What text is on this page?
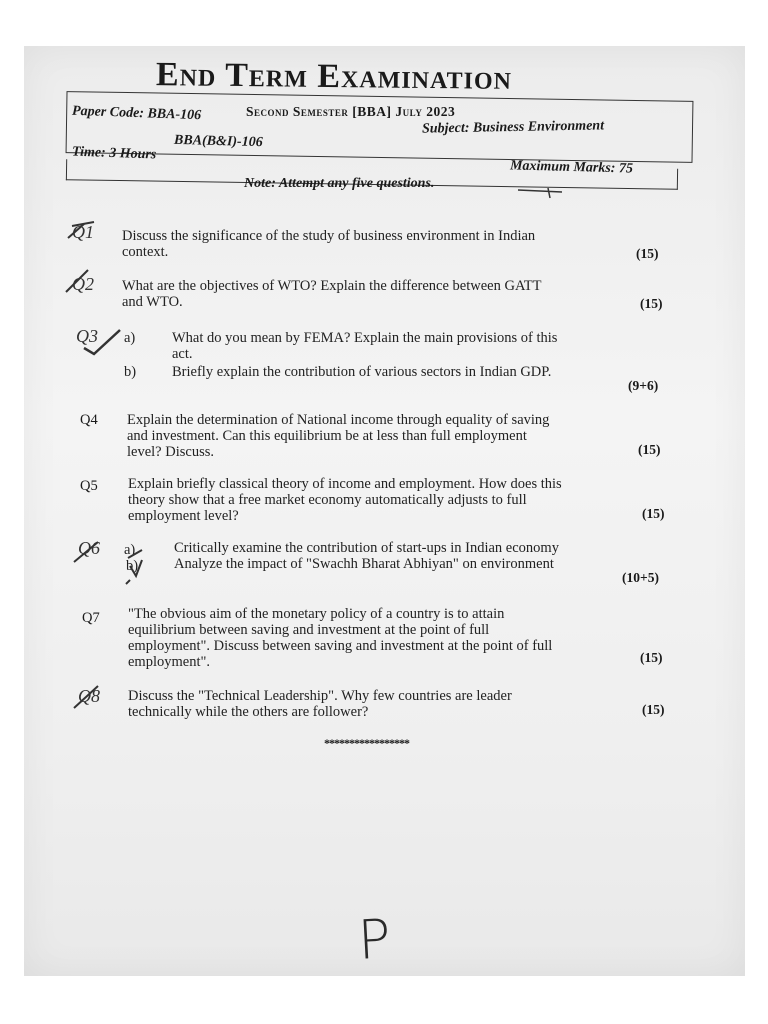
End Term Examination
Second Semester [BBA] July 2023
Paper Code: BBA-106
BBA(B&I)-106
Subject: Business Environment
Time: 3 Hours
Maximum Marks: 75
Note: Attempt any five questions.
Q1 Discuss the significance of the study of business environment in Indian
context.	(15)
Q2 What are the objectives of WTO? Explain the difference between GATT
and WTO.	(15)
Q3 a)	What do you mean by FEMA? Explain the main provisions of this
act.
b) Briefly explain the contribution of various sectors in Indian GDP.
(9+6)
Q4 Explain the determination of National income through equality of saving
and investment. Can this equilibrium be at less than full employment
level? Discuss.	(15)
Q5 Explain briefly classical theory of income and employment. How does this
theory show that a free market economy automatically adjusts to full
employment level?	(15)
Q6 a)	Critically examine the contribution of start-ups in Indian economy
b) Analyze the impact of "Swachh Bharat Abhiyan" on environment
(10+5)
Q7 "The obvious aim of the monetary policy of a country is to attain
equilibrium between saving and investment at the point of full
employment". Discuss between saving and investment at the point of full
employment".	(15)
Q8 Discuss the "Technical Leadership". Why few countries are leader
technically while the others are follower?	(15)
*****************
P
